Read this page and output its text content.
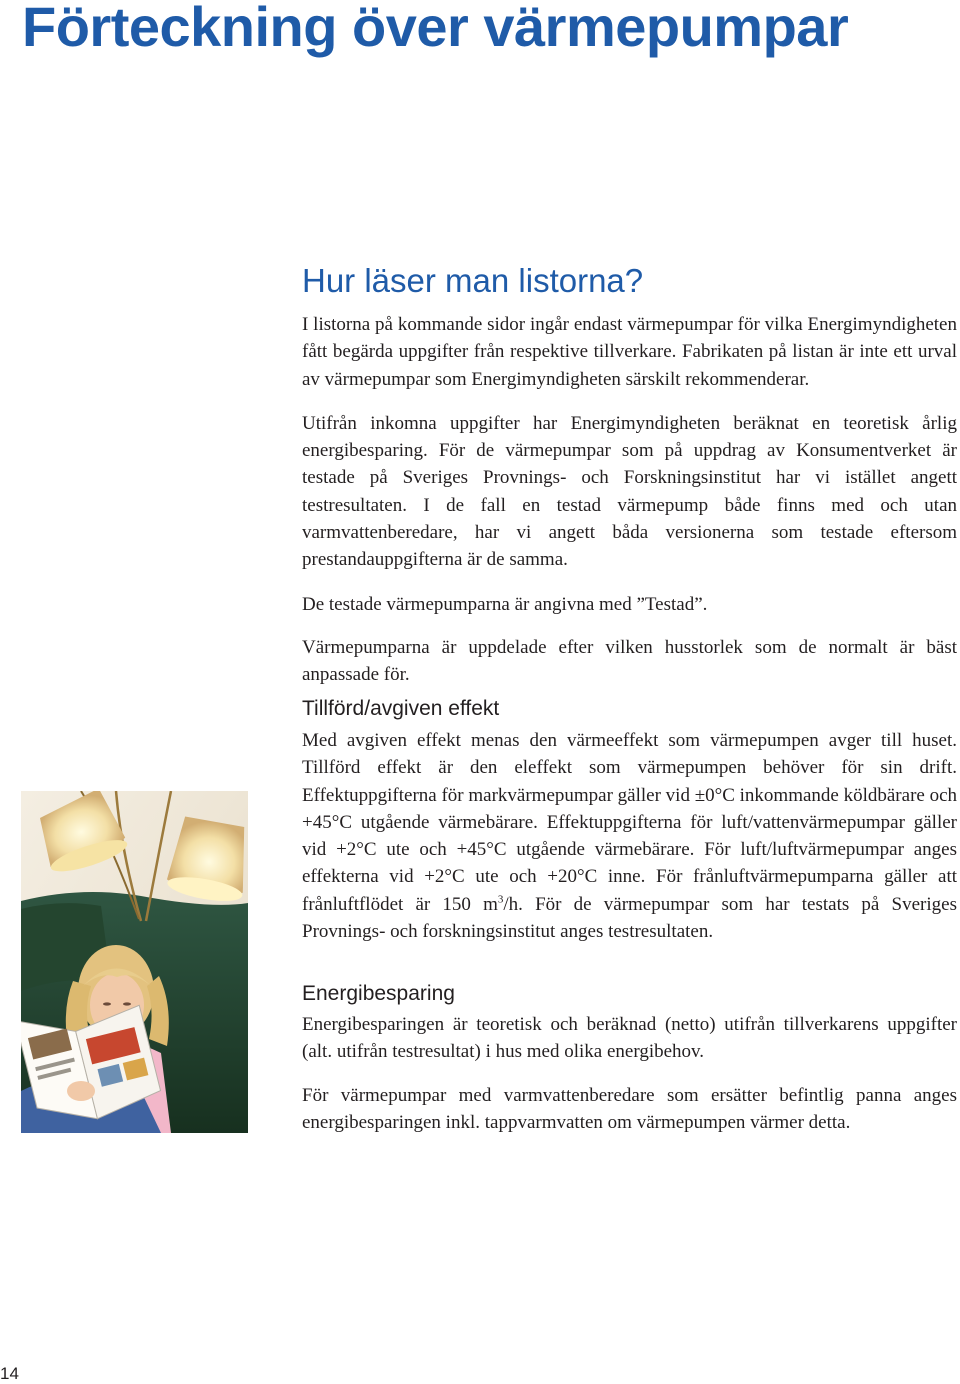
Förteckning över värmepumpar
Hur läser man listorna?

I listorna på kommande sidor ingår endast värmepumpar för vilka Energimyndigheten fått begärda uppgifter från respektive tillverkare. Fabrikaten på listan är inte ett urval av värmepumpar som Energimyndigheten särskilt rekommenderar.

Utifrån inkomna uppgifter har Energimyndigheten beräknat en teoretisk årlig energibesparing. För de värmepumpar som på uppdrag av Konsumentverket är testade på Sveriges Provnings- och Forskningsinstitut har vi istället angett testresultaten. I de fall en testad värmepump både finns med och utan varmvattenberedare, har vi angett båda versionerna som testade eftersom prestandauppgifterna är de samma.

De testade värmepumparna är angivna med ”Testad”.

Värmepumparna är uppdelade efter vilken husstorlek som de normalt är bäst anpassade för.

Tillförd/avgiven effekt

Med avgiven effekt menas den värmeeffekt som värmepumpen avger till huset. Tillförd effekt är den eleffekt som värmepumpen behöver för sin drift. Effektuppgifterna för markvärmepumpar gäller vid ±0°C inkommande köldbärare och +45°C utgående värmebärare. Effektuppgifterna för luft/vattenvärmepumpar gäller vid +2°C ute och +45°C utgående värmebärare. För luft/luftvärmepumpar anges effekterna vid +2°C ute och +20°C inne. För frånluftvärmepumparna gäller att frånluftflödet är 150 $m^3/h$. För de värmepumpar som har testats på Sveriges Provnings- och forskningsinstitut anges testresultaten.

Energibesparing

Energibesparingen är teoretisk och beräknad (netto) utifrån tillverkarens uppgifter (alt. utifrån testresultat) i hus med olika energibehov.

För värmepumpar med varmvattenberedare som ersätter befintlig panna anges energibesparingen inkl. tappvarmvatten om värmepumpen värmer detta.

14
